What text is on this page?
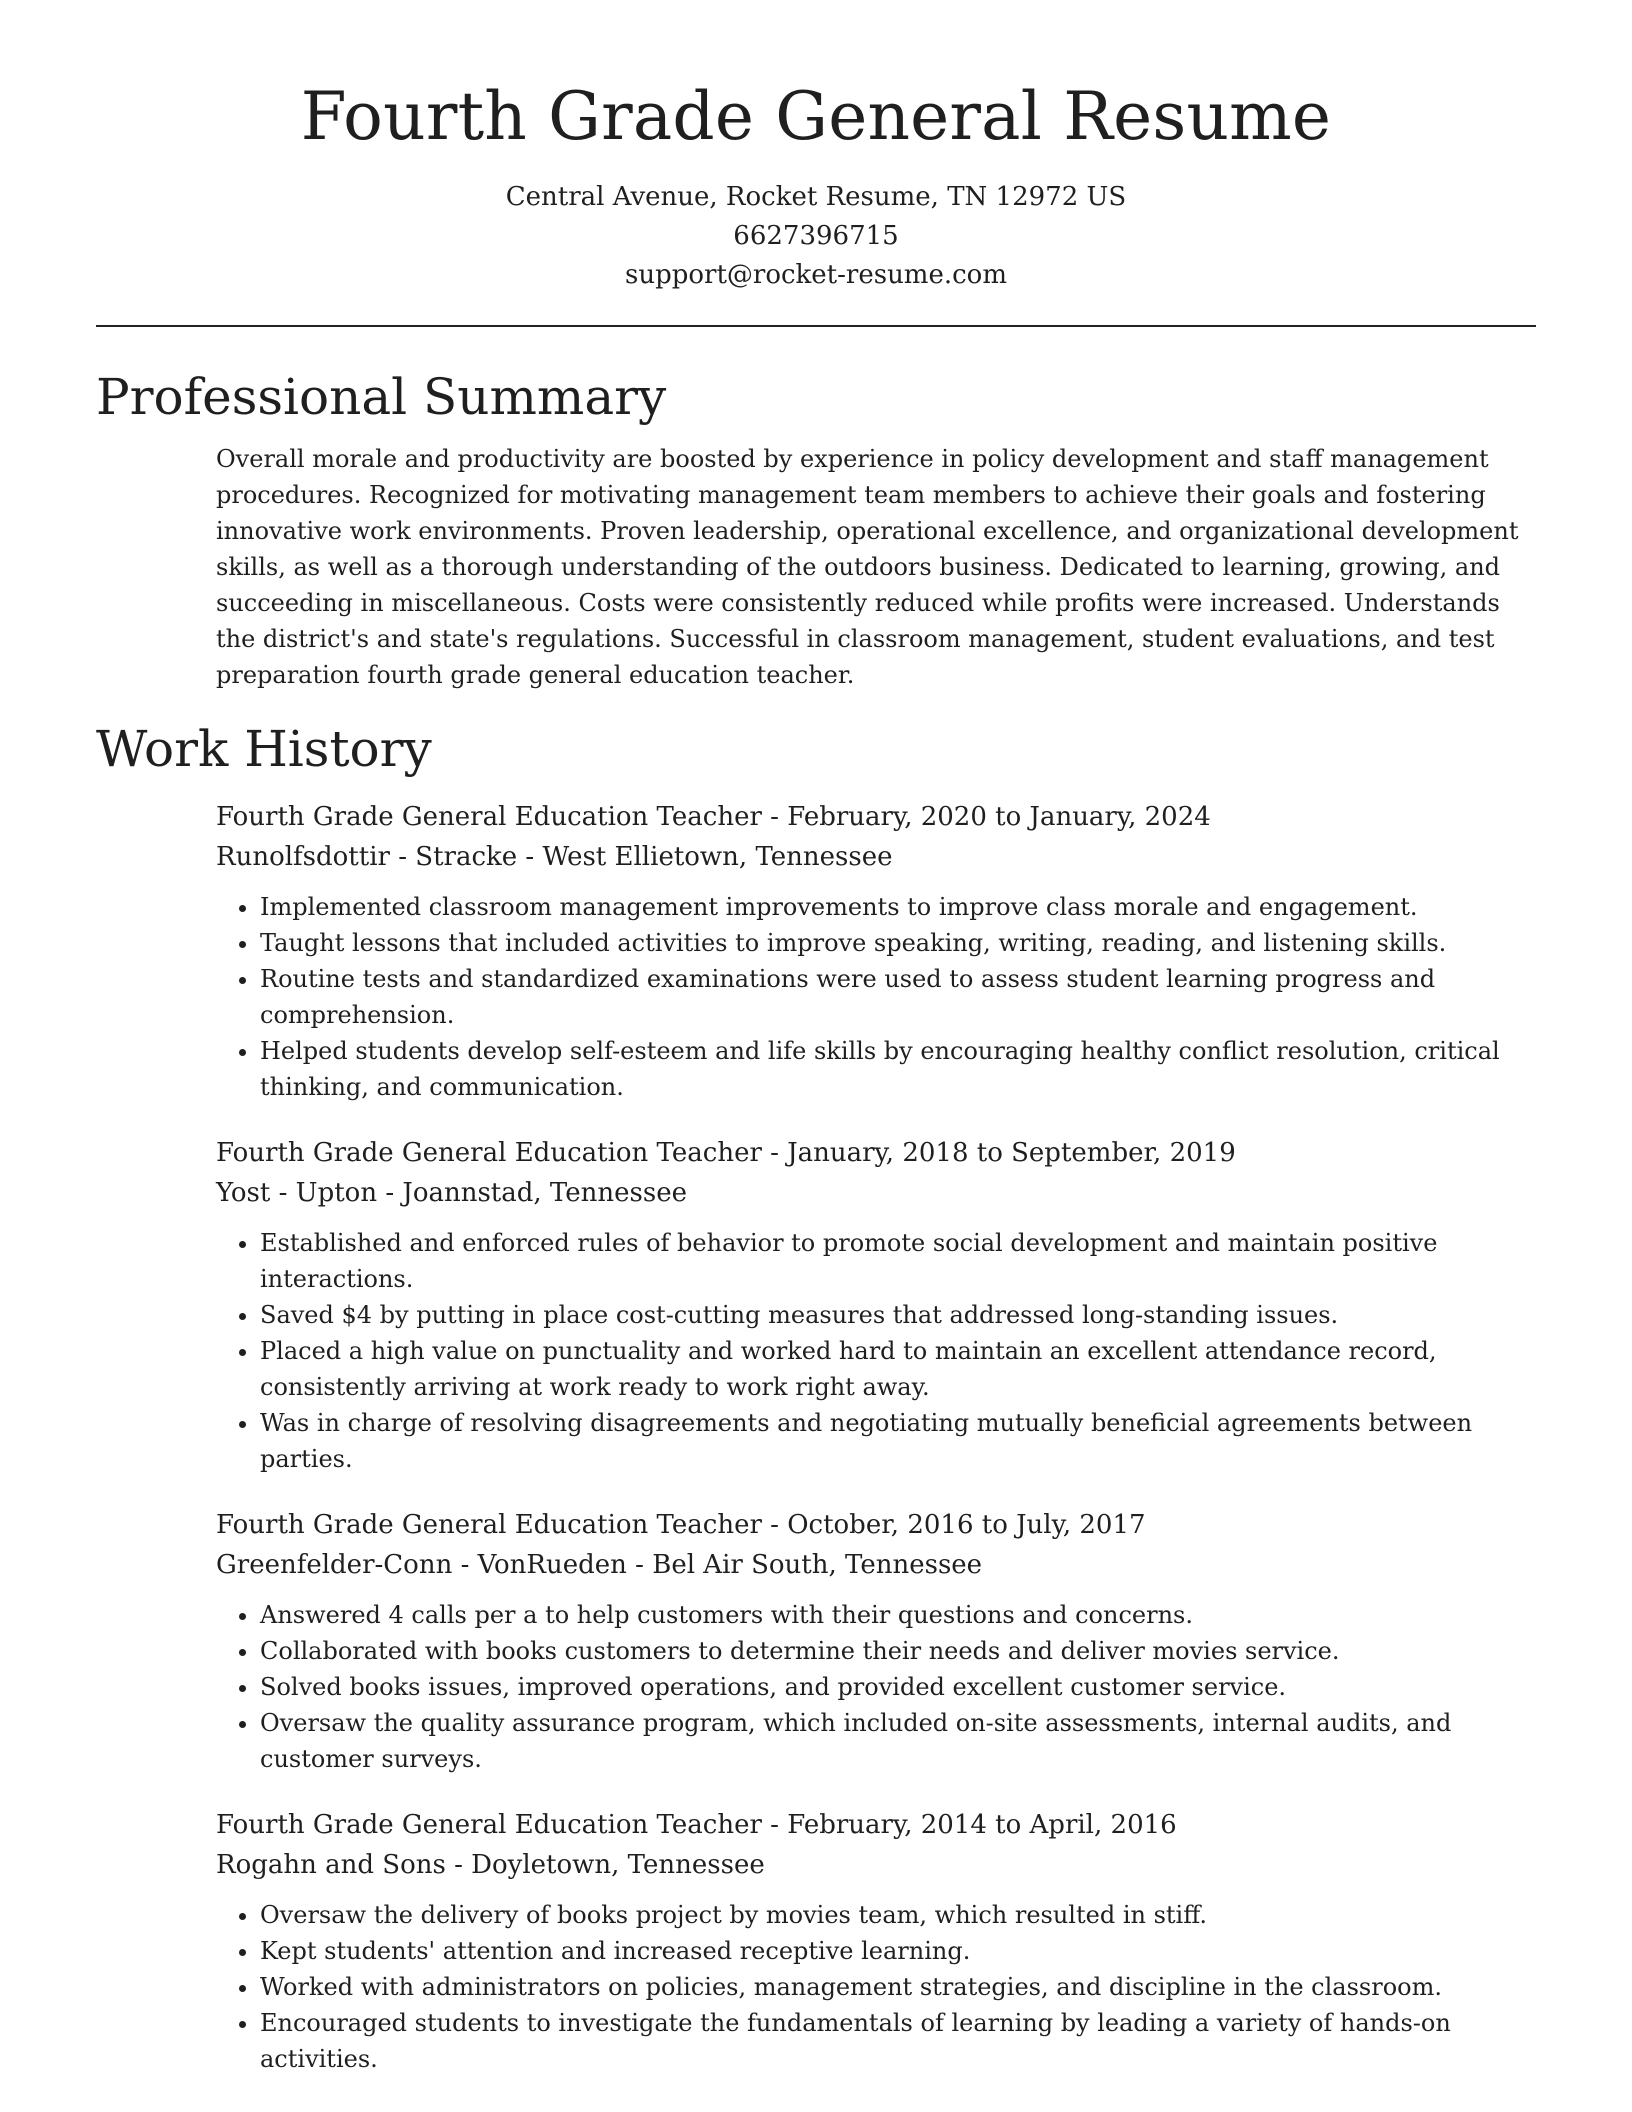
Fourth Grade General Resume
Central Avenue, Rocket Resume, TN 12972 US
6627396715
support@rocket-resume.com
Professional Summary

Overall morale and productivity are boosted by experience in policy development and staff management procedures. Recognized for motivating management team members to achieve their goals and fostering innovative work environments. Proven leadership, operational excellence, and organizational development skills, as well as a thorough understanding of the outdoors business. Dedicated to learning, growing, and succeeding in miscellaneous. Costs were consistently reduced while profits were increased. Understands the district's and state's regulations. Successful in classroom management, student evaluations, and test preparation fourth grade general education teacher.

Work History
Fourth Grade General Education Teacher - February, 2020 to January, 2024
Runolfsdottir - Stracke - West Ellietown, Tennessee
• Implemented classroom management improvements to improve class morale and engagement.
• Taught lessons that included activities to improve speaking, writing, reading, and listening skills.
• Routine tests and standardized examinations were used to assess student learning progress and comprehension.
• Helped students develop self-esteem and life skills by encouraging healthy conflict resolution, critical thinking, and communication.
Fourth Grade General Education Teacher - January, 2018 to September, 2019
Yost - Upton - Joannstad, Tennessee
• Established and enforced rules of behavior to promote social development and maintain positive interactions.
• Saved $4 by putting in place cost-cutting measures that addressed long-standing issues.
• Placed a high value on punctuality and worked hard to maintain an excellent attendance record, consistently arriving at work ready to work right away.
• Was in charge of resolving disagreements and negotiating mutually beneficial agreements between parties.
Fourth Grade General Education Teacher - October, 2016 to July, 2017
Greenfelder-Conn - VonRueden - Bel Air South, Tennessee
• Answered 4 calls per a to help customers with their questions and concerns.
• Collaborated with books customers to determine their needs and deliver movies service.
• Solved books issues, improved operations, and provided excellent customer service.
• Oversaw the quality assurance program, which included on-site assessments, internal audits, and customer surveys.
Fourth Grade General Education Teacher - February, 2014 to April, 2016
Rogahn and Sons - Doyletown, Tennessee
• Oversaw the delivery of books project by movies team, which resulted in stiff.
• Kept students' attention and increased receptive learning.
• Worked with administrators on policies, management strategies, and discipline in the classroom.
• Encouraged students to investigate the fundamentals of learning by leading a variety of hands-on activities.
